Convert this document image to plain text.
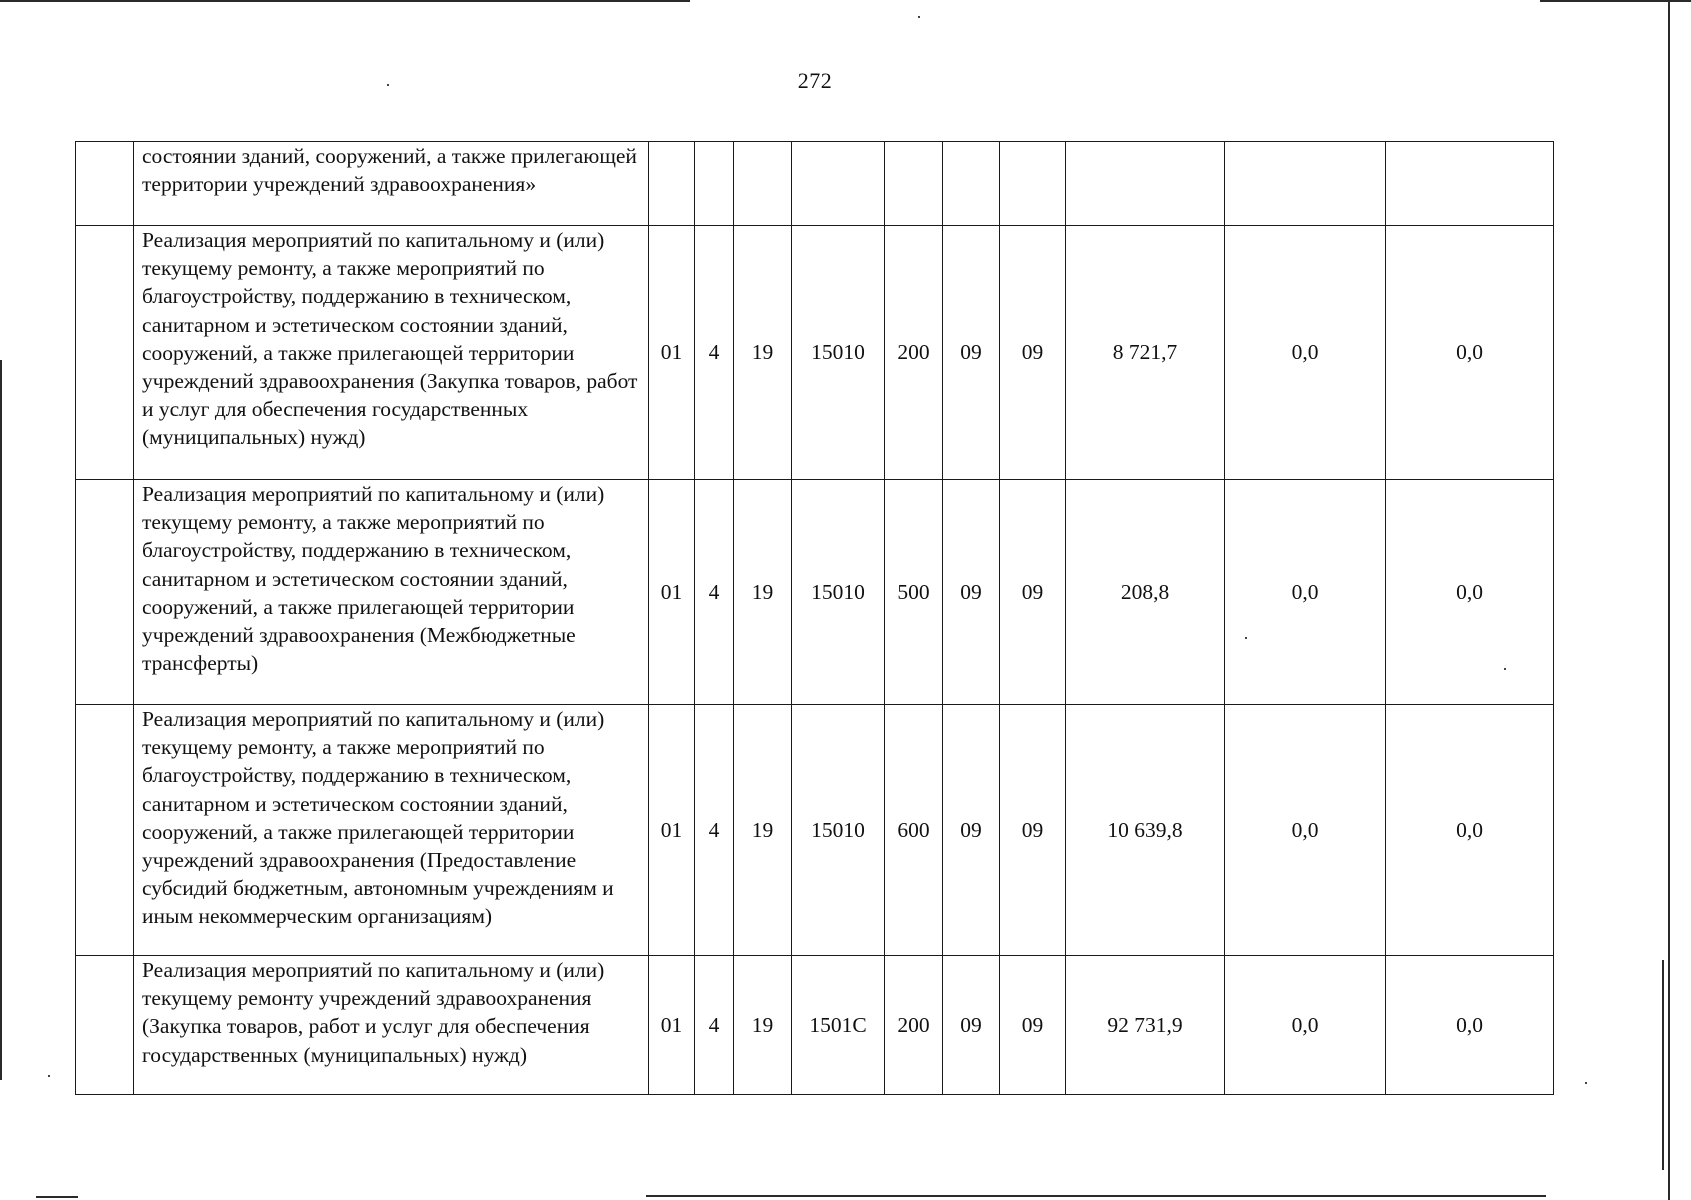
272
	состоянии зданий, сооружений, а также прилегающей территории учреждений здравоохранения»										
	Реализация мероприятий по капитальному и (или) текущему ремонту, а также мероприятий по благоустройству, поддержанию в техническом, санитарном и эстетическом состоянии зданий, сооружений, а также прилегающей территории учреждений здравоохранения (Закупка товаров, работ и услуг для обеспечения государственных (муниципальных) нужд)	01	4	19	15010	200	09	09	8 721,7	0,0	0,0
	Реализация мероприятий по капитальному и (или) текущему ремонту, а также мероприятий по благоустройству, поддержанию в техническом, санитарном и эстетическом состоянии зданий, сооружений, а также прилегающей территории учреждений здравоохранения (Межбюджетные трансферты)	01	4	19	15010	500	09	09	208,8	0,0	0,0
	Реализация мероприятий по капитальному и (или) текущему ремонту, а также мероприятий по благоустройству, поддержанию в техническом, санитарном и эстетическом состоянии зданий, сооружений, а также прилегающей территории учреждений здравоохранения (Предоставление субсидий бюджетным, автономным учреждениям и иным некоммерческим организациям)	01	4	19	15010	600	09	09	10 639,8	0,0	0,0
	Реализация мероприятий по капитальному и (или) текущему ремонту учреждений здравоохранения (Закупка товаров, работ и услуг для обеспечения государственных (муниципальных) нужд)	01	4	19	1501С	200	09	09	92 731,9	0,0	0,0
